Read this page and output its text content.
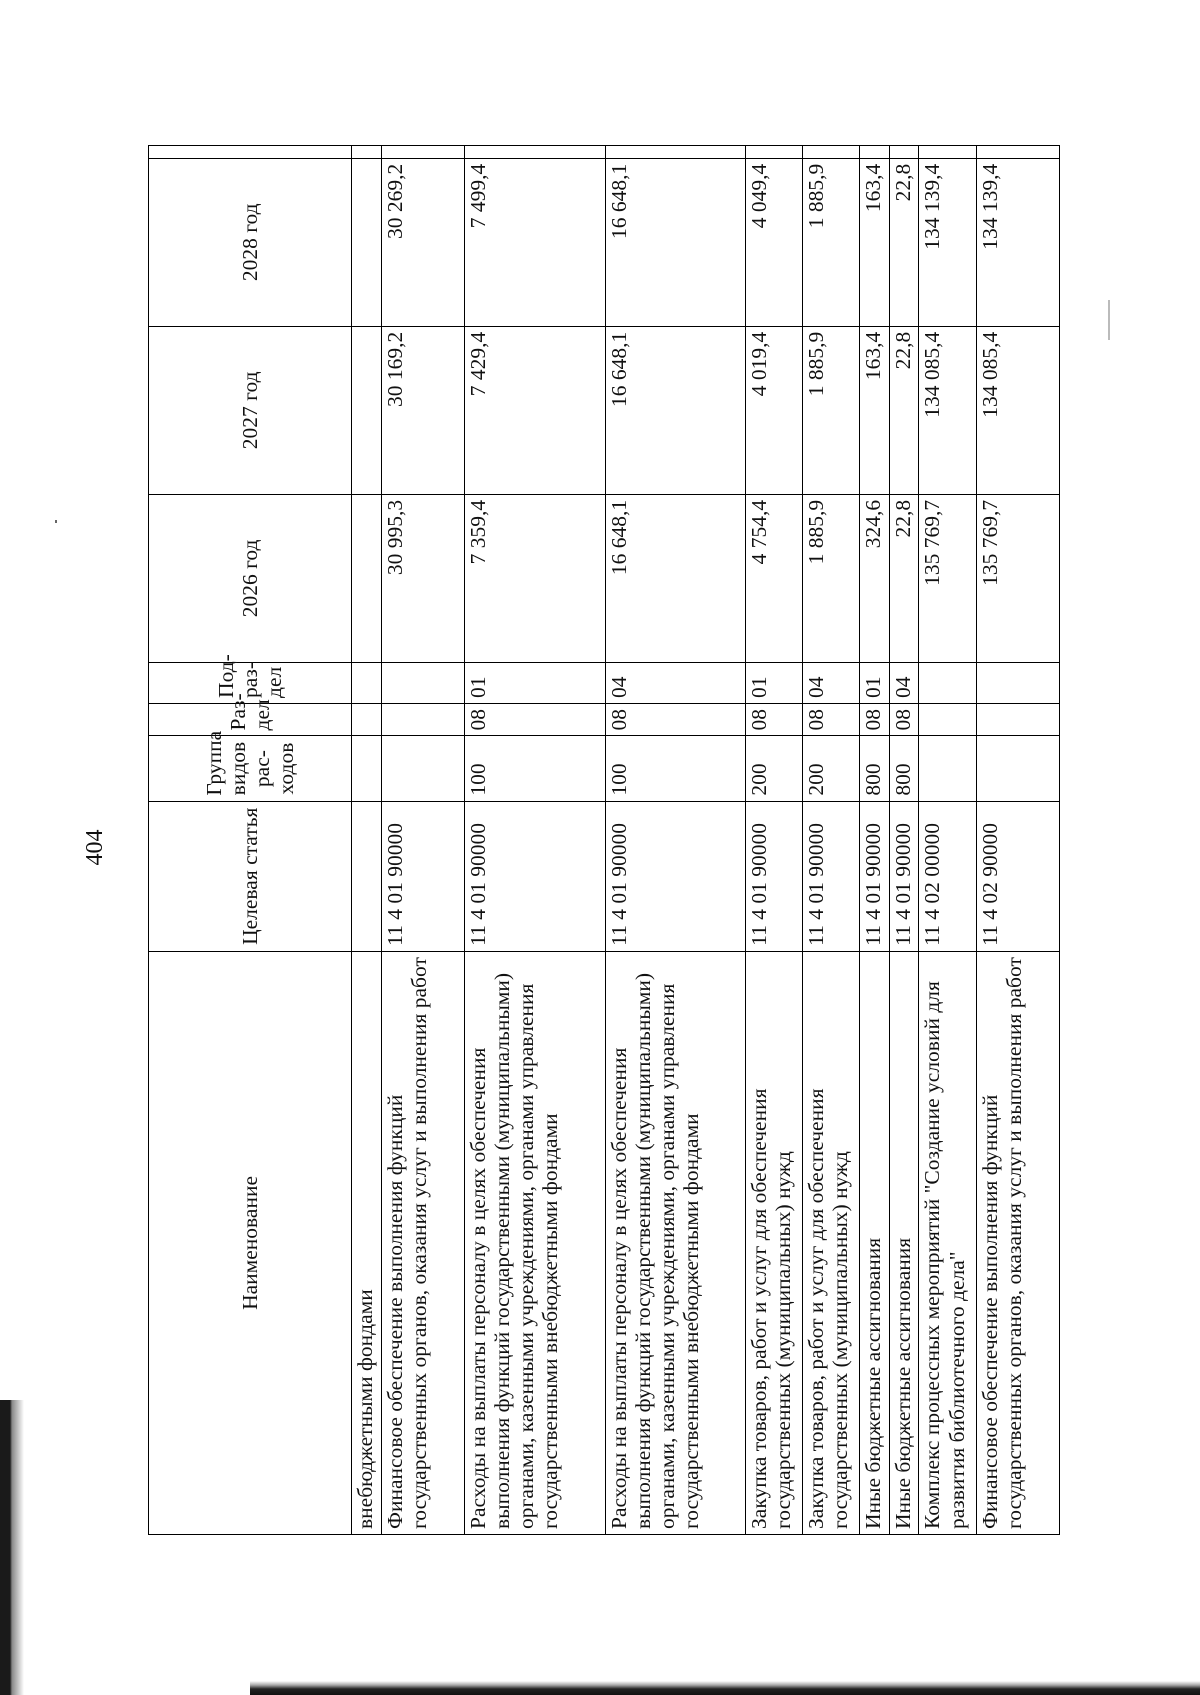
404
Наименование	Целевая статья	Группа видов рас-ходов	Раз-дел	Под-раз-дел	2026 год	2027 год	2028 год	
внебюджетными фондами								
Финансовое обеспечение выполнения функций государственных органов, оказания услуг и выполнения работ	11 4 01 90000				30 995,3	30 169,2	30 269,2	
Расходы на выплаты персоналу в целях обеспечения выполнения функций государственными (муниципальными) органами, казенными учреждениями, органами управления государственными внебюджетными фондами	11 4 01 90000	100	08	01	7 359,4	7 429,4	7 499,4	
Расходы на выплаты персоналу в целях обеспечения выполнения функций государственными (муниципальными) органами, казенными учреждениями, органами управления государственными внебюджетными фондами	11 4 01 90000	100	08	04	16 648,1	16 648,1	16 648,1	
Закупка товаров, работ и услуг для обеспечения государственных (муниципальных) нужд	11 4 01 90000	200	08	01	4 754,4	4 019,4	4 049,4	
Закупка товаров, работ и услуг для обеспечения государственных (муниципальных) нужд	11 4 01 90000	200	08	04	1 885,9	1 885,9	1 885,9	
Иные бюджетные ассигнования	11 4 01 90000	800	08	01	324,6	163,4	163,4	
Иные бюджетные ассигнования	11 4 01 90000	800	08	04	22,8	22,8	22,8	
Комплекс процессных мероприятий "Создание условий для развития библиотечного дела"	11 4 02 00000				135 769,7	134 085,4	134 139,4	
Финансовое обеспечение выполнения функций государственных органов, оказания услуг и выполнения работ	11 4 02 90000				135 769,7	134 085,4	134 139,4	
